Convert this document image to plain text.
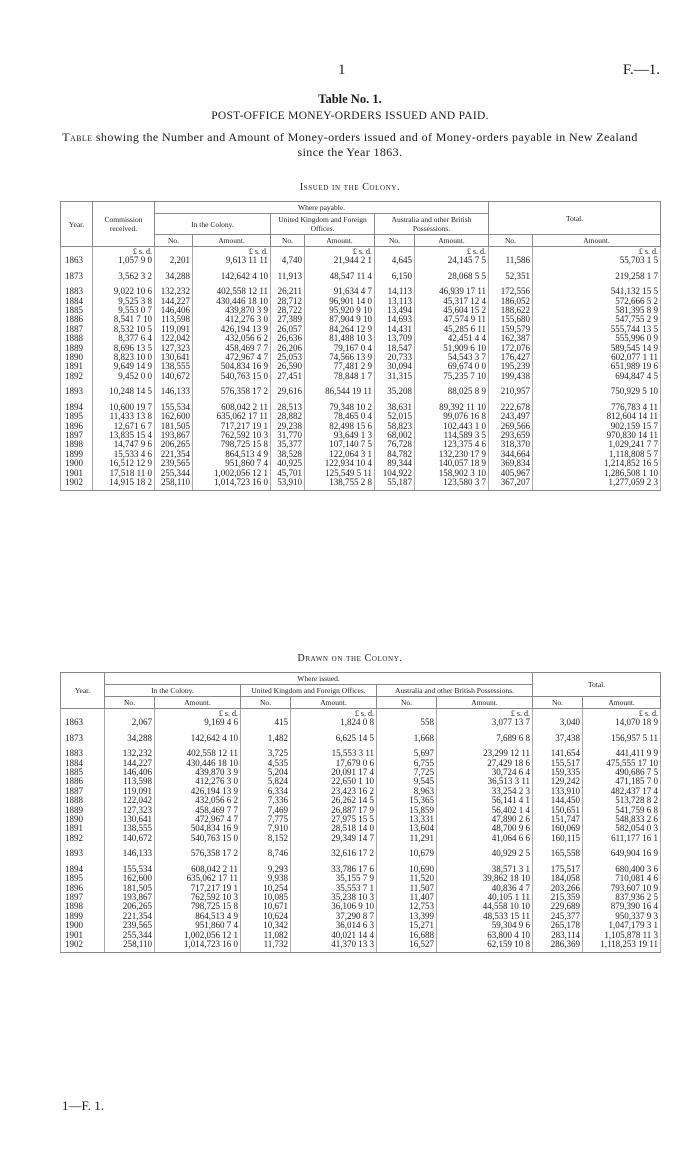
1	F.—1.
Table No. 1.
POST-OFFICE MONEY-ORDERS ISSUED AND PAID.
Table showing the Number and Amount of Money-orders issued and of Money-orders payable in New Zealand since the Year 1863.
Issued in the Colony.
Year.	Commission received.	Where payable.						Total.	
		In the Colony.		United Kingdom and Foreign Offices.		Australia and other British Possessions.			
		No.	Amount.	No.	Amount.	No.	Amount.	No.	Amount.
	£ s. d.		£ s. d.		£ s. d.		£ s. d.		£ s. d.
1863	1,057 9 0	2,201	9,613 11 11	4,740	21,944 2 1	4,645	24,145 7 5	11,586	55,703 1 5
1873	3,562 3 2	34,288	142,642 4 10	11,913	48,547 11 4	6,150	28,068 5 5	52,351	219,258 1 7
1883	9,022 10 6	132,232	402,558 12 11	26,211	91,634 4 7	14,113	46,939 17 11	172,556	541,132 15 5
1884	9,525 3 8	144,227	430,446 18 10	28,712	96,901 14 0	13,113	45,317 12 4	186,052	572,666 5 2
1885	9,553 0 7	146,406	439,870 3 9	28,722	95,920 9 10	13,494	45,604 15 2	188,622	581,395 8 9
1886	8,541 7 10	113,598	412,276 3 0	27,389	87,904 9 10	14,693	47,574 9 11	155,680	547,755 2 9
1887	8,532 10 5	119,091	426,194 13 9	26,057	84,264 12 9	14,431	45,285 6 11	159,579	555,744 13 5
1888	8,377 6 4	122,042	432,056 6 2	26,636	81,488 10 3	13,709	42,451 4 4	162,387	555,996 0 9
1889	8,696 13 5	127,323	458,469 7 7	26,206	79,167 0 4	18,547	51,909 6 10	172,076	589,545 14 9
1890	8,823 10 0	130,641	472,967 4 7	25,053	74,566 13 9	20,733	54,543 3 7	176,427	602,077 1 11
1891	9,649 14 9	138,555	504,834 16 9	26,590	77,481 2 9	30,094	69,674 0 0	195,239	651,989 19 6
1892	9,452 0 0	140,672	540,763 15 0	27,451	78,848 1 7	31,315	75,235 7 10	199,438	694,847 4 5
1893	10,248 14 5	146,133	576,358 17 2	29,616	86,544 19 11	35,208	88,025 8 9	210,957	750,929 5 10
1894	10,600 19 7	155,534	608,042 2 11	28,513	79,348 10 2	38,631	89,392 11 10	222,678	776,783 4 11
1895	11,433 13 8	162,600	635,062 17 11	28,882	78,465 0 4	52,015	99,076 16 8	243,497	812,604 14 11
1896	12,671 6 7	181,505	717,217 19 1	29,238	82,498 15 6	58,823	102,443 1 0	269,566	902,159 15 7
1897	13,835 15 4	193,867	762,592 10 3	31,770	93,649 1 3	68,002	114,589 3 5	293,659	970,830 14 11
1898	14,747 9 6	206,265	798,725 15 8	35,377	107,140 7 5	76,728	123,375 4 6	318,370	1,029,241 7 7
1899	15,533 4 6	221,354	864,513 4 9	38,528	122,064 3 1	84,782	132,230 17 9	344,664	1,118,808 5 7
1900	16,512 12 9	239,565	951,860 7 4	40,925	122,934 10 4	89,344	140,057 18 9	369,834	1,214,852 16 5
1901	17,518 11 0	255,344	1,002,056 12 1	45,701	125,549 5 11	104,922	158,902 3 10	405,967	1,286,508 1 10
1902	14,915 18 2	258,110	1,014,723 16 0	53,910	138,755 2 8	55,187	123,580 3 7	367,207	1,277,059 2 3
Drawn on the Colony.
Year.	Where issued.						Total.	
	In the Colony.		United Kingdom and Foreign Offices.		Australia and other British Possessions.			
	No.	Amount.	No.	Amount.	No.	Amount.	No.	Amount.
		£ s. d.		£ s. d.		£ s. d.		£ s. d.
1863	2,067	9,169 4 6	415	1,824 0 8	558	3,077 13 7	3,040	14,070 18 9
1873	34,288	142,642 4 10	1,482	6,625 14 5	1,668	7,689 6 8	37,438	156,957 5 11
1883	132,232	402,558 12 11	3,725	15,553 3 11	5,697	23,299 12 11	141,654	441,411 9 9
1884	144,227	430,446 18 10	4,535	17,679 0 6	6,755	27,429 18 6	155,517	475,555 17 10
1885	146,406	439,870 3 9	5,204	20,091 17 4	7,725	30,724 6 4	159,335	490,686 7 5
1886	113,598	412,276 3 0	5,824	22,650 1 10	9,545	36,513 3 11	129,242	471,185 7 0
1887	119,091	426,194 13 9	6,334	23,423 16 2	8,963	33,254 2 3	133,910	482,437 17 4
1888	122,042	432,056 6 2	7,336	26,262 14 5	15,365	56,141 4 1	144,450	513,728 8 2
1889	127,323	458,469 7 7	7,469	26,887 17 9	15,859	56,402 1 4	150,651	541,759 6 8
1890	130,641	472,967 4 7	7,775	27,975 15 5	13,331	47,890 2 6	151,747	548,833 2 6
1891	138,555	504,834 16 9	7,910	28,518 14 0	13,604	48,700 9 6	160,069	582,054 0 3
1892	140,672	540,763 15 0	8,152	29,349 14 7	11,291	41,064 6 6	160,115	611,177 16 1
1893	146,133	576,358 17 2	8,746	32,616 17 2	10,679	40,929 2 5	165,558	649,904 16 9
1894	155,534	608,042 2 11	9,293	33,786 17 6	10,690	38,571 3 1	175,517	680,400 3 6
1895	162,600	635,062 17 11	9,938	35,155 7 9	11,520	39,862 18 10	184,058	710,081 4 6
1896	181,505	717,217 19 1	10,254	35,553 7 1	11,507	40,836 4 7	203,266	793,607 10 9
1897	193,867	762,592 10 3	10,085	35,238 10 3	11,407	40,105 1 11	215,359	837,936 2 5
1898	206,265	798,725 15 8	10,671	36,106 9 10	12,753	44,558 10 10	229,689	879,390 16 4
1899	221,354	864,513 4 9	10,624	37,290 8 7	13,399	48,533 15 11	245,377	950,337 9 3
1900	239,565	951,860 7 4	10,342	36,014 6 3	15,271	59,304 9 6	265,178	1,047,179 3 1
1901	255,344	1,002,056 12 1	11,082	40,021 14 4	16,688	63,800 4 10	283,114	1,105,878 11 3
1902	258,110	1,014,723 16 0	11,732	41,370 13 3	16,527	62,159 10 8	286,369	1,118,253 19 11
1—F. 1.
